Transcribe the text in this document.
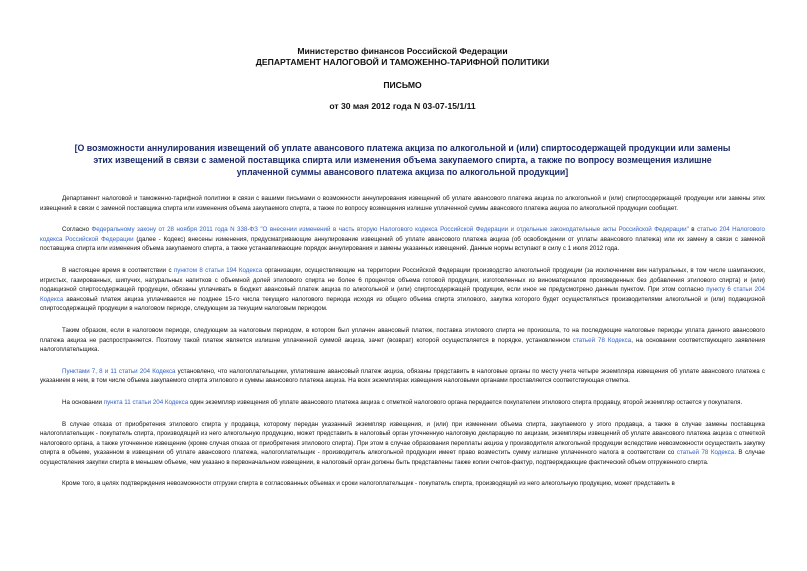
Министерство финансов Российской Федерации
ДЕПАРТАМЕНТ НАЛОГОВОЙ И ТАМОЖЕННО-ТАРИФНОЙ ПОЛИТИКИ
ПИСЬМО
от 30 мая 2012 года N 03-07-15/1/11
[О возможности аннулирования извещений об уплате авансового платежа акциза по алкогольной и (или) спиртосодержащей продукции или замены этих извещений в связи с заменой поставщика спирта или изменения объема закупаемого спирта, а также по вопросу возмещения излишне уплаченной суммы авансового платежа акциза по алкогольной продукции]

Департамент налоговой и таможенно-тарифной политики в связи с вашими письмами о возможности аннулирования извещений об уплате авансового платежа акциза по алкогольной и (или) спиртосодержащей продукции или замены этих извещений в связи с заменой поставщика спирта или изменения объема закупаемого спирта, а также по вопросу возмещения излишне уплаченной суммы авансового платежа акциза по алкогольной продукции сообщает.

Согласно Федеральному закону от 28 ноября 2011 года N 338-ФЗ "О внесении изменений в часть вторую Налогового кодекса Российской Федерации и отдельные законодательные акты Российской Федерации" в статью 204 Налогового кодекса Российской Федерации (далее - Кодекс) внесены изменения, предусматривающие аннулирование извещений об уплате авансового платежа акциза (об освобождении от уплаты авансового платежа) или их замену в связи с заменой поставщика спирта или изменения объема закупаемого спирта, а также устанавливающие порядок аннулирования и замены указанных извещений. Данные нормы вступают в силу с 1 июля 2012 года.

В настоящее время в соответствии с пунктом 8 статьи 194 Кодекса организации, осуществляющие на территории Российской Федерации производство алкогольной продукции (за исключением вин натуральных, в том числе шампанских, игристых, газированных, шипучих, натуральных напитков с объемной долей этилового спирта не более 6 процентов объема готовой продукции, изготовленных из виноматериалов произведенных без добавления этилового спирта) и (или) подакцизной спиртосодержащей продукции, обязаны уплачивать в бюджет авансовый платеж акциза по алкогольной и (или) спиртосодержащей продукции, если иное не предусмотрено данным пунктом. При этом согласно пункту 6 статьи 204 Кодекса авансовый платеж акциза уплачивается не позднее 15-го числа текущего налогового периода исходя из общего объема спирта этилового, закупка которого будет осуществляться производителями алкогольной и (или) подакцизной спиртосодержащей продукции в налоговом периоде, следующем за текущим налоговым периодом.

Таким образом, если в налоговом периоде, следующем за налоговым периодом, в котором был уплачен авансовый платеж, поставка этилового спирта не произошла, то на последующие налоговые периоды уплата данного авансового платежа акциза не распространяется. Поэтому такой платеж является излишне уплаченной суммой акциза, зачет (возврат) которой осуществляется в порядке, установленном статьей 78 Кодекса, на основании соответствующего заявления налогоплательщика.

Пунктами 7, 8 и 11 статьи 204 Кодекса установлено, что налогоплательщики, уплатившие авансовый платеж акциза, обязаны представить в налоговые органы по месту учета четыре экземпляра извещения об уплате авансового платежа с указанием в нем, в том числе объема закупаемого спирта этилового и суммы авансового платежа акциза. На всех экземплярах извещения налоговыми органами проставляется соответствующая отметка.

На основании пункта 11 статьи 204 Кодекса один экземпляр извещения об уплате авансового платежа акциза с отметкой налогового органа передается покупателем этилового спирта продавцу, второй экземпляр остается у покупателя.

В случае отказа от приобретения этилового спирта у продавца, которому передан указанный экземпляр извещения, и (или) при изменении объема спирта, закупаемого у этого продавца, а также в случае замены поставщика налогоплательщик - покупатель спирта, производящий из него алкогольную продукцию, может представить в налоговый орган уточненную налоговую декларацию по акцизам, экземпляры извещений об уплате авансового платежа акциза с отметкой налогового органа, а также уточненное извещение (кроме случая отказа от приобретения этилового спирта). При этом в случае образования переплаты акциза у производителя алкогольной продукции вследствие невозможности осуществить закупку спирта в объеме, указанном в извещении об уплате авансового платежа, налогоплательщик - производитель алкогольной продукции имеет право возместить сумму излишне уплаченного налога в соответствии со статьей 78 Кодекса. В случае осуществления закупки спирта в меньшем объеме, чем указано в первоначальном извещении, в налоговый орган должны быть представлены также копии счетов-фактур, подтверждающие фактический объем отгруженного спирта.

Кроме того, в целях подтверждения невозможности отгрузки спирта в согласованных объемах и сроки налогоплательщик - покупатель спирта, производящий из него алкогольную продукцию, может представить в
